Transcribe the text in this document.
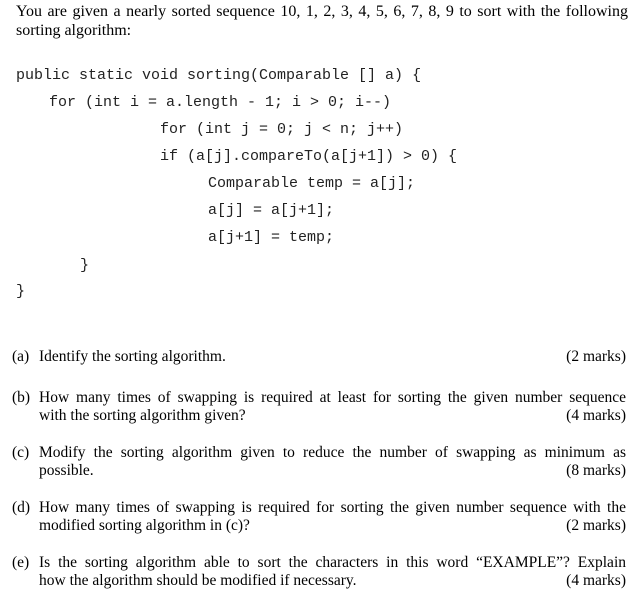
You are given a nearly sorted sequence 10, 1, 2, 3, 4, 5, 6, 7, 8, 9 to sort with the following
sorting algorithm:

public static void sorting(Comparable [] a) {

for (int i = a.length - 1; i > 0; i--)

for (int j = 0; j < n; j++)

if (a[j].compareTo(a[j+1]) > 0) {

Comparable temp = a[j];

a[j] = a[j+1];

a[j+1] = temp;

}

}

(a) Identify the sorting algorithm.	(2 marks)
(b) How many times of swapping is required at least for sorting the given number sequence
with the sorting algorithm given?	(4 marks)
(c) Modify the sorting algorithm given to reduce the number of swapping as minimum as
possible.	(8 marks)
(d) How many times of swapping is required for sorting the given number sequence with the
modified sorting algorithm in (c)?	(2 marks)
(e) Is the sorting algorithm able to sort the characters in this word “EXAMPLE”? Explain
how the algorithm should be modified if necessary.	(4 marks)
